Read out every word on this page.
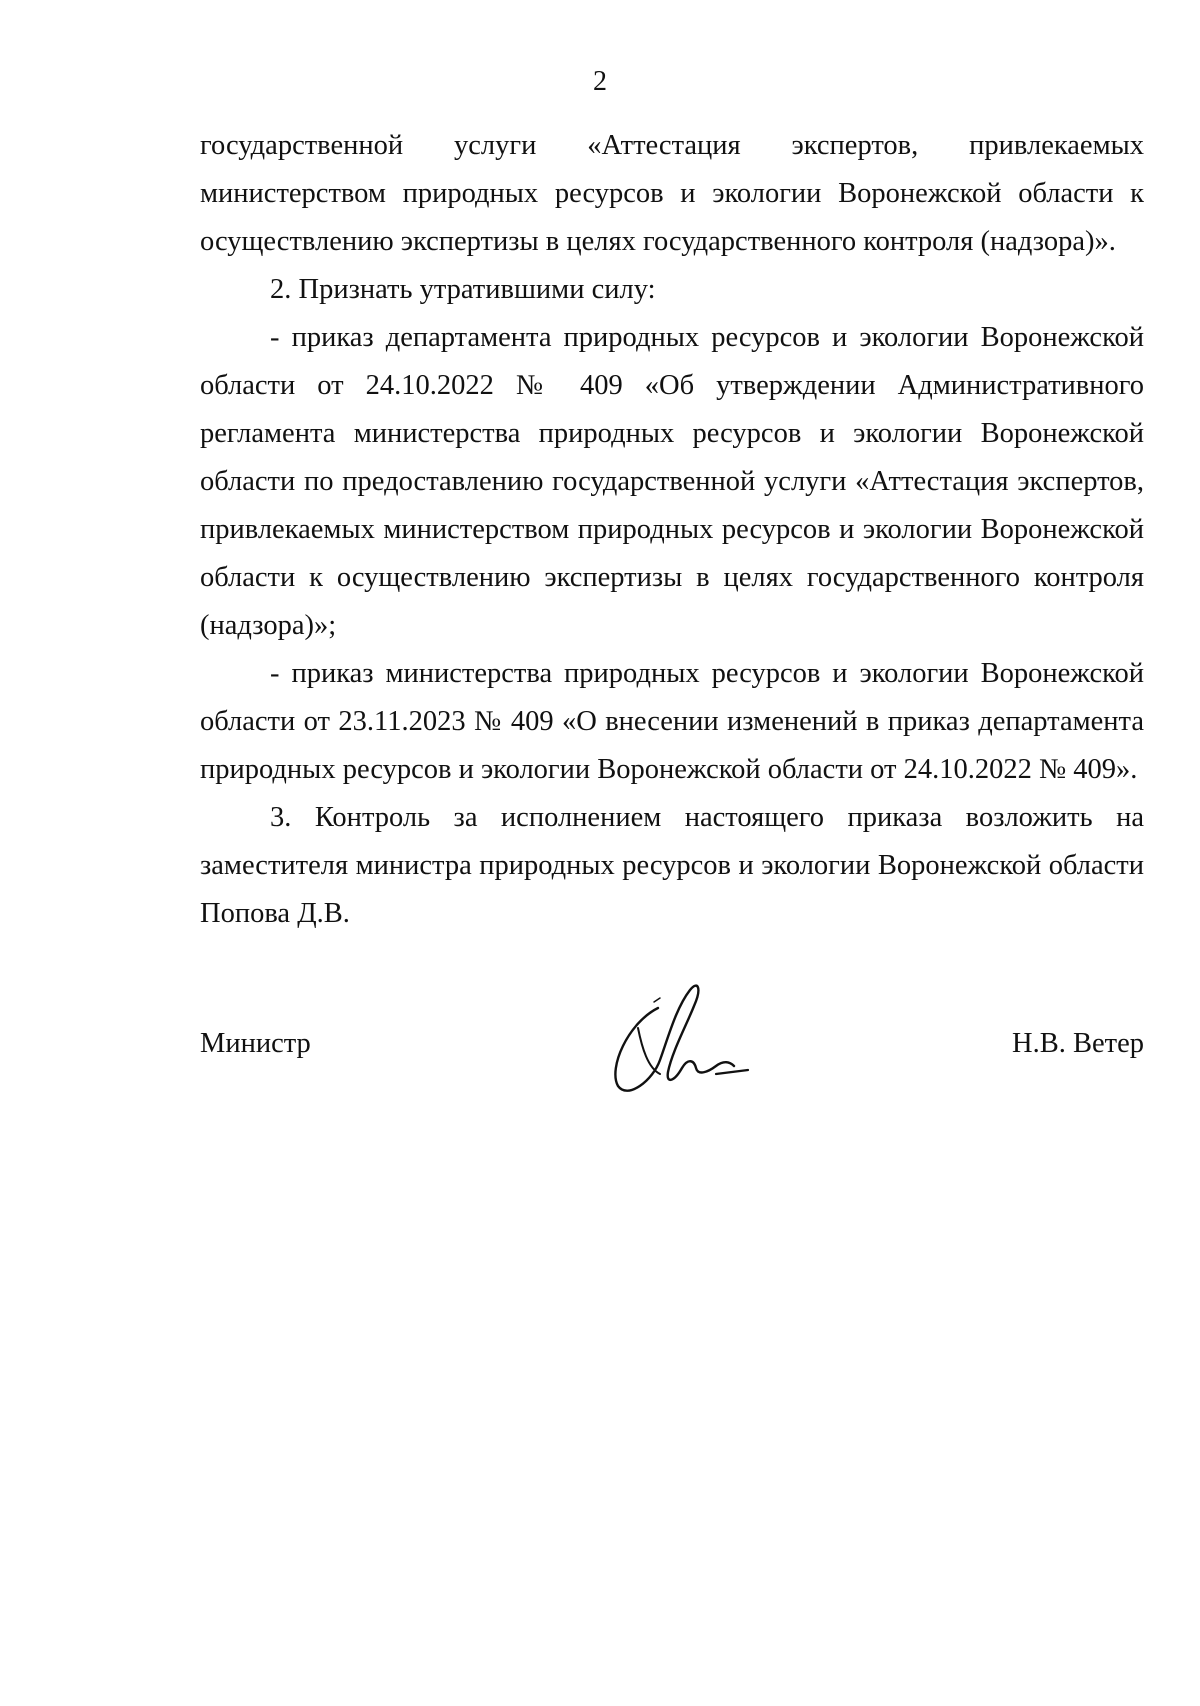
2

государственной услуги «Аттестация экспертов, привлекаемых министерством природных ресурсов и экологии Воронежской области к осуществлению экспертизы в целях государственного контроля (надзора)».

2. Признать утратившими силу:

- приказ департамента природных ресурсов и экологии Воронежской области от 24.10.2022 № 409 «Об утверждении Административного регламента министерства природных ресурсов и экологии Воронежской области по предоставлению государственной услуги «Аттестация экспертов, привлекаемых министерством природных ресурсов и экологии Воронежской области к осуществлению экспертизы в целях государственного контроля (надзора)»;

- приказ министерства природных ресурсов и экологии Воронежской области от 23.11.2023 № 409 «О внесении изменений в приказ департамента природных ресурсов и экологии Воронежской области от 24.10.2022 № 409».

3. Контроль за исполнением настоящего приказа возложить на заместителя министра природных ресурсов и экологии Воронежской области Попова Д.В.

Министр	Н.В. Ветер
